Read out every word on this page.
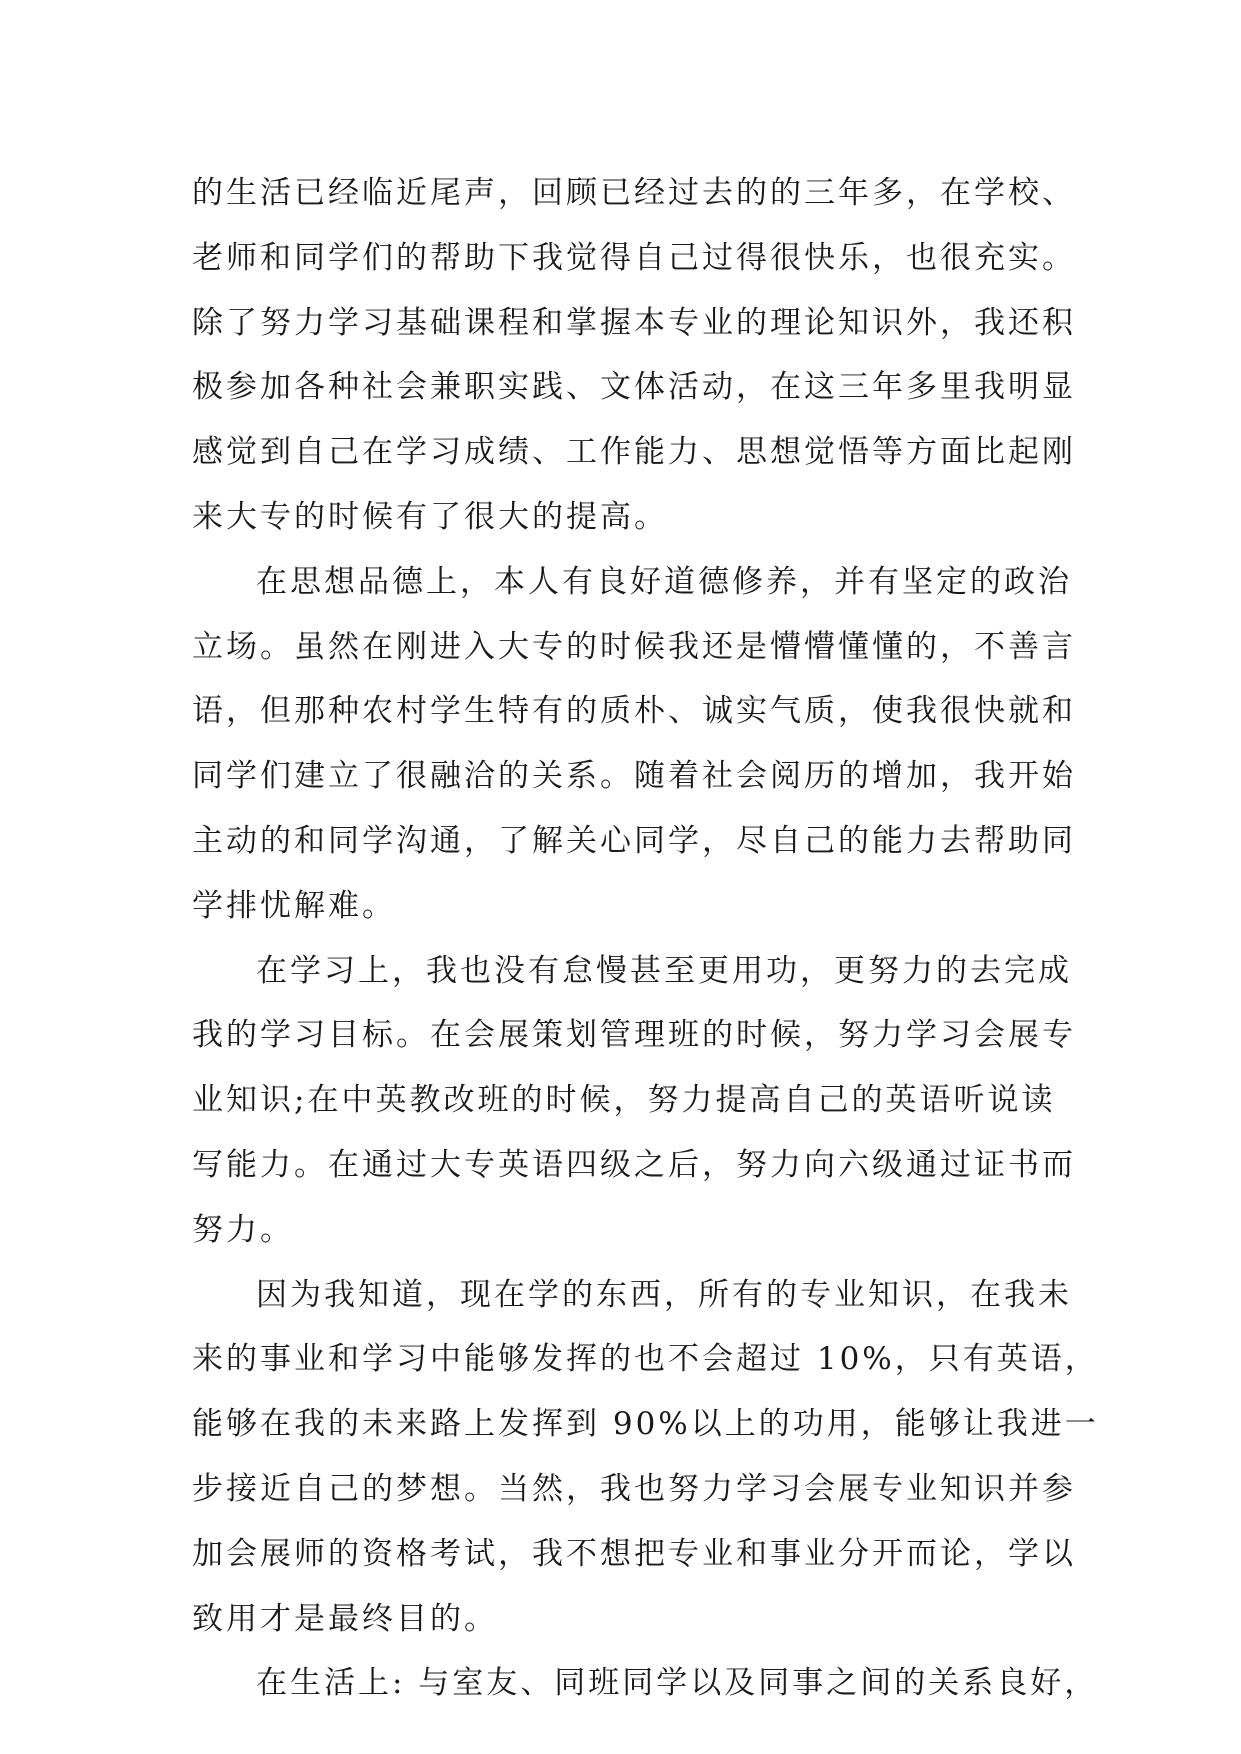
的生活已经临近尾声，回顾已经过去的的三年多，在学校、
老师和同学们的帮助下我觉得自己过得很快乐，也很充实。
除了努力学习基础课程和掌握本专业的理论知识外，我还积
极参加各种社会兼职实践、文体活动，在这三年多里我明显
感觉到自己在学习成绩、工作能力、思想觉悟等方面比起刚
来大专的时候有了很大的提高。
在思想品德上，本人有良好道德修养，并有坚定的政治
立场。虽然在刚进入大专的时候我还是懵懵懂懂的，不善言
语，但那种农村学生特有的质朴、诚实气质，使我很快就和
同学们建立了很融洽的关系。随着社会阅历的增加，我开始
主动的和同学沟通，了解关心同学，尽自己的能力去帮助同
学排忧解难。
在学习上，我也没有怠慢甚至更用功，更努力的去完成
我的学习目标。在会展策划管理班的时候，努力学习会展专
业知识;在中英教改班的时候，努力提高自己的英语听说读
写能力。在通过大专英语四级之后，努力向六级通过证书而
努力。
因为我知道，现在学的东西，所有的专业知识，在我未
来的事业和学习中能够发挥的也不会超过 10%，只有英语，
能够在我的未来路上发挥到 90%以上的功用，能够让我进一
步接近自己的梦想。当然，我也努力学习会展专业知识并参
加会展师的资格考试，我不想把专业和事业分开而论，学以
致用才是最终目的。
在生活上: 与室友、同班同学以及同事之间的关系良好，
